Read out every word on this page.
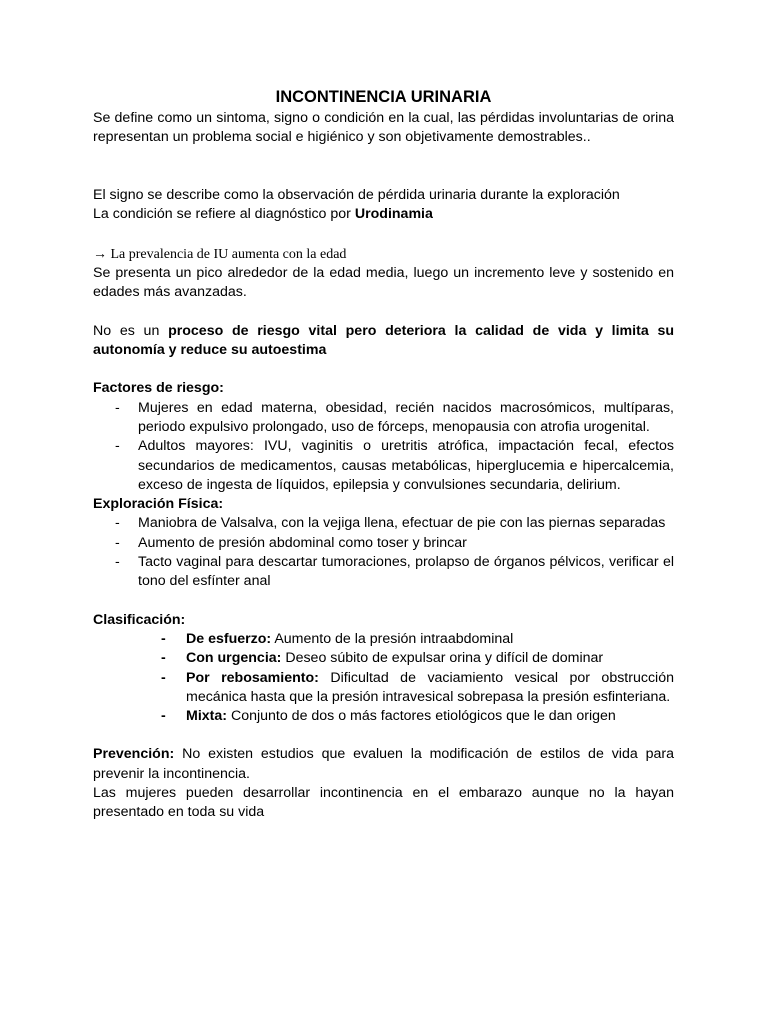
INCONTINENCIA URINARIA

Se define como un sintoma, signo o condición en la cual, las pérdidas involuntarias de orina representan un problema social e higiénico y son objetivamente demostrables..

El signo se describe como la observación de pérdida urinaria durante la exploración

La condición se refiere al diagnóstico por Urodinamia

→ La prevalencia de IU aumenta con la edad

Se presenta un pico alrededor de la edad media, luego un incremento leve y sostenido en edades más avanzadas.

No es un proceso de riesgo vital pero deteriora la calidad de vida y limita su autonomía y reduce su autoestima

Factores de riesgo:

- Mujeres en edad materna, obesidad, recién nacidos macrosómicos, multíparas, periodo expulsivo prolongado, uso de fórceps, menopausia con atrofia urogenital.
- Adultos mayores: IVU, vaginitis o uretritis atrófica, impactación fecal, efectos secundarios de medicamentos, causas metabólicas, hiperglucemia e hipercalcemia, exceso de ingesta de líquidos, epilepsia y convulsiones secundaria, delirium.

Exploración Física:

- Maniobra de Valsalva, con la vejiga llena, efectuar de pie con las piernas separadas
- Aumento de presión abdominal como toser y brincar
- Tacto vaginal para descartar tumoraciones, prolapso de órganos pélvicos, verificar el tono del esfínter anal

Clasificación:

- De esfuerzo: Aumento de la presión intraabdominal
- Con urgencia: Deseo súbito de expulsar orina y difícil de dominar
- Por rebosamiento: Dificultad de vaciamiento vesical por obstrucción mecánica hasta que la presión intravesical sobrepasa la presión esfinteriana.
- Mixta: Conjunto de dos o más factores etiológicos que le dan origen

Prevención: No existen estudios que evaluen la modificación de estilos de vida para prevenir la incontinencia.

Las mujeres pueden desarrollar incontinencia en el embarazo aunque no la hayan presentado en toda su vida
